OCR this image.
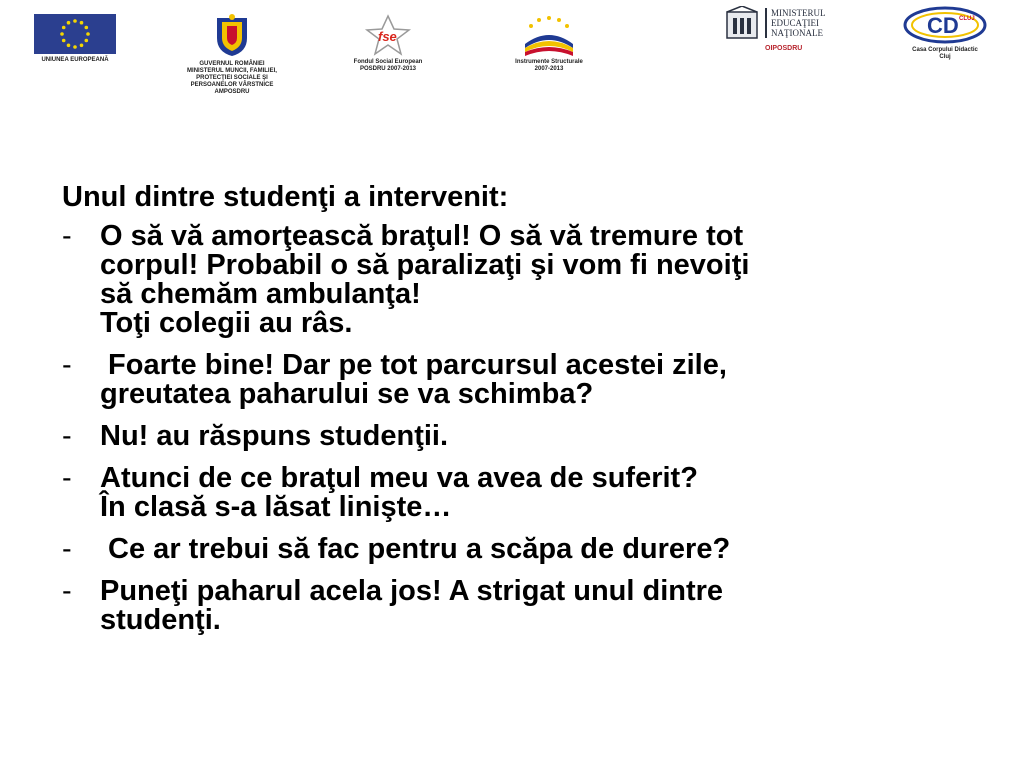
UNIUNEA EUROPEANĂ
GUVERNUL ROMÂNIEI
MINISTERUL MUNCII, FAMILIEI,
PROTECŢIEI SOCIALE ŞI
PERSOANELOR VÂRSTNICE
AMPOSDRU
fse
Fondul Social European
POSDRU 2007-2013
Instrumente Structurale
2007-2013
MINISTERUL
EDUCAŢIEI
NAŢIONALE
OIPOSDRU
CD CLUJ
Casa Corpului Didactic
Cluj

Unul dintre studenţi a intervenit:

- O să vă amorţească braţul! O să vă tremure tot
corpul! Probabil o să paralizaţi şi vom fi nevoiţi
să chemăm ambulanţa!
Toţi colegii au râs.
- Foarte bine! Dar pe tot parcursul acestei zile,
greutatea paharului se va schimba?
- Nu! au răspuns studenţii.
- Atunci de ce braţul meu va avea de suferit?
În clasă s-a lăsat linişte…
- Ce ar trebui să fac pentru a scăpa de durere?
- Puneţi paharul acela jos! A strigat unul dintre
studenţi.
